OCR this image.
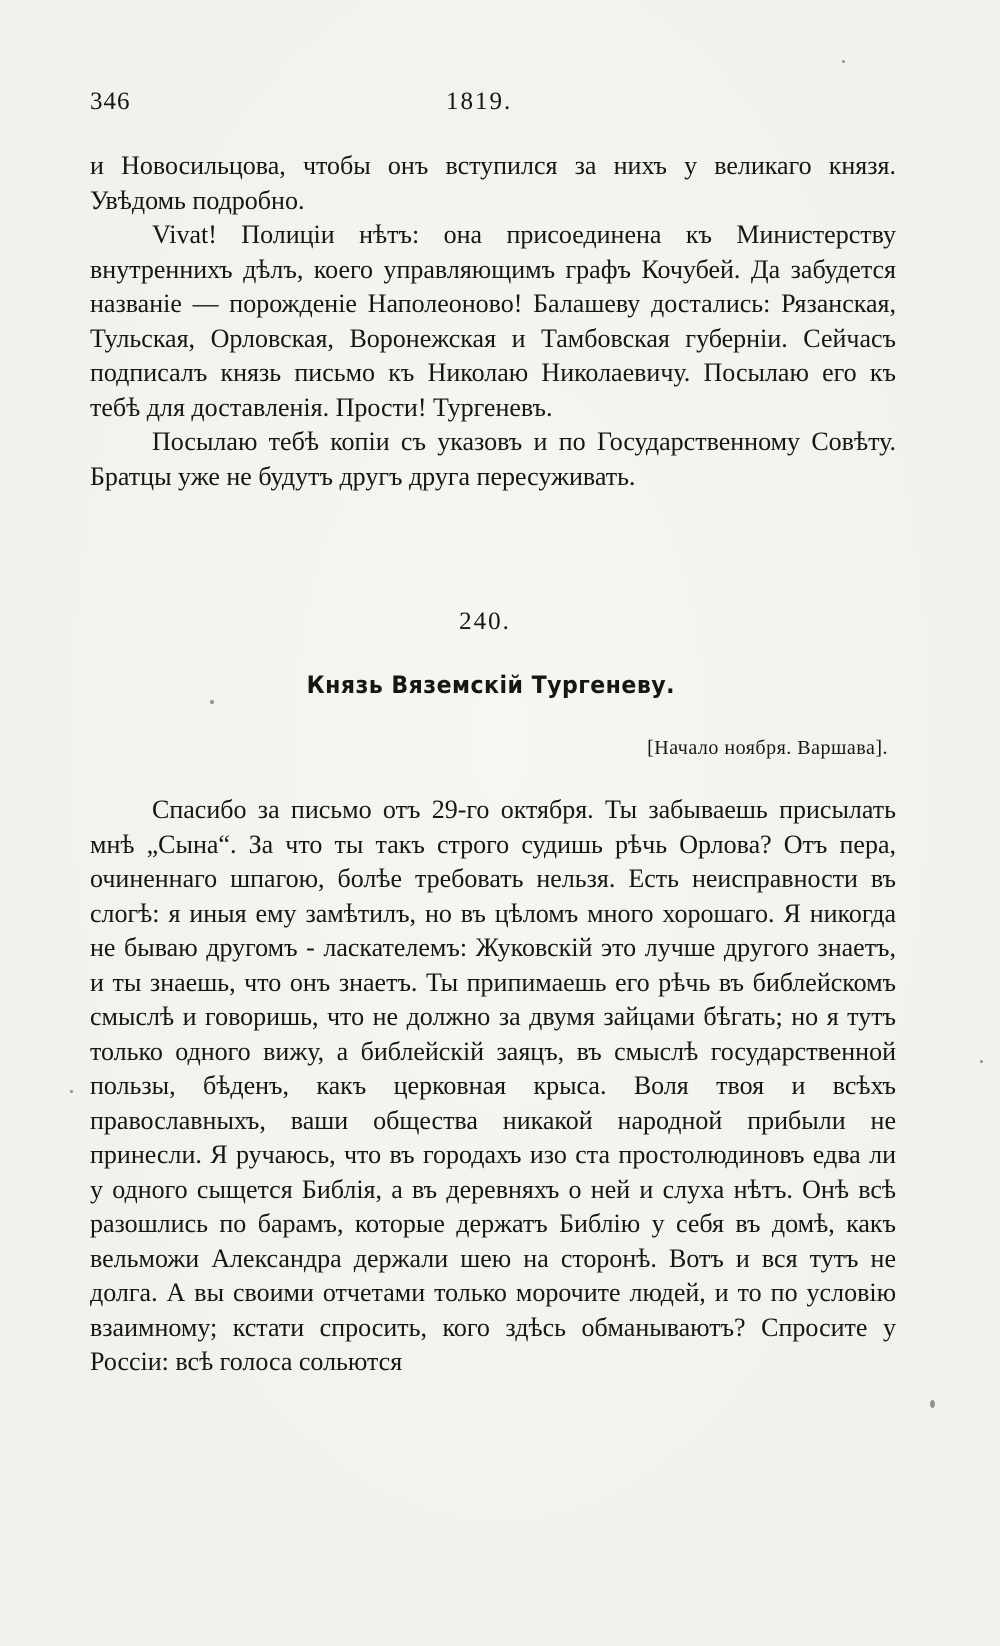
346	1819.

и Новосильцова, чтобы онъ вступился за нихъ у великаго князя. Увѣдомь подробно.

Vivat! Полиціи нѣтъ: она присоединена къ Министерству внутреннихъ дѣлъ, коего управляющимъ графъ Кочубей. Да забудется названіе — порожденіе Наполеоново! Балашеву достались: Рязанская, Тульская, Орловская, Воронежская и Тамбовская губерніи. Сейчасъ подписалъ князь письмо къ Николаю Николаевичу. Посылаю его къ тебѣ для доставленія. Прости! Тургеневъ.

Посылаю тебѣ копіи съ указовъ и по Государственному Совѣту. Братцы уже не будутъ другъ друга пересуживать.

240.
Князь Вяземскій Тургеневу.
[Начало ноября. Варшава].

Спасибо за письмо отъ 29-го октября. Ты забываешь присылать мнѣ „Сына“. За что ты такъ строго судишь рѣчь Орлова? Отъ пера, очиненнаго шпагою, болѣе требовать нельзя. Есть неисправности въ слогѣ: я иныя ему замѣтилъ, но въ цѣломъ много хорошаго. Я никогда не бываю другомъ - ласкателемъ: Жуковскій это лучше другого знаетъ, и ты знаешь, что онъ знаетъ. Ты припимаешь его рѣчь въ библейскомъ смыслѣ и говоришь, что не должно за двумя зайцами бѣгать; но я тутъ только одного вижу, а библейскій заяцъ, въ смыслѣ государственной пользы, бѣденъ, какъ церковная крыса. Воля твоя и всѣхъ православныхъ, ваши общества никакой народной прибыли не принесли. Я ручаюсь, что въ городахъ изо ста простолюдиновъ едва ли у одного сыщется Библія, а въ деревняхъ о ней и слуха нѣтъ. Онѣ всѣ разошлись по барамъ, которые держатъ Библію у себя въ домѣ, какъ вельможи Александра держали шею на сторонѣ. Вотъ и вся тутъ не долга. А вы своими отчетами только морочите людей, и то по условію взаимному; кстати спросить, кого здѣсь обманываютъ? Спросите у Россіи: всѣ голоса сольются
